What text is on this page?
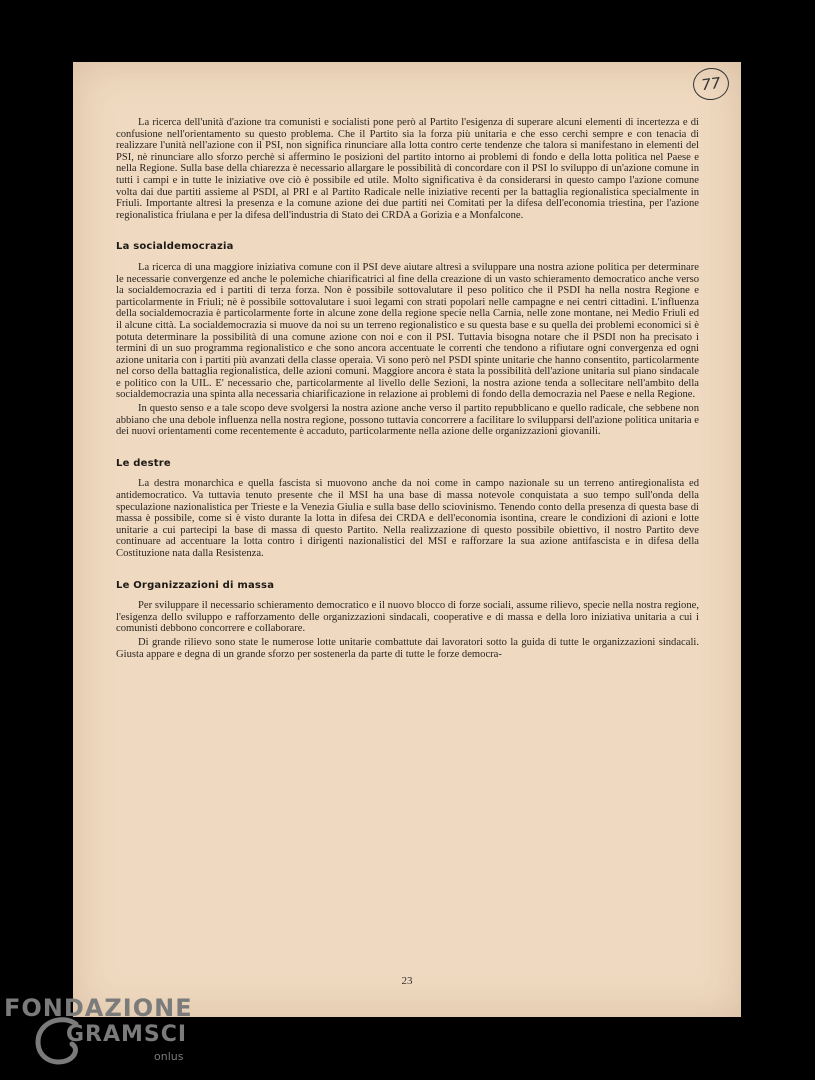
77

La ricerca dell'unità d'azione tra comunisti e socialisti pone però al Partito l'esigenza di superare alcuni elementi di incertezza e di confusione nell'orientamento su questo problema. Che il Partito sia la forza più unitaria e che esso cerchi sempre e con tenacia di realizzare l'unità nell'azione con il PSI, non significa rinunciare alla lotta contro certe tendenze che talora si manifestano in elementi del PSI, nè rinunciare allo sforzo perchè si affermino le posizioni del partito intorno ai problemi di fondo e della lotta politica nel Paese e nella Regione. Sulla base della chiarezza è necessario allargare le possibilità di concordare con il PSI lo sviluppo di un'azione comune in tutti i campi e in tutte le iniziative ove ciò è possibile ed utile. Molto significativa è da considerarsi in questo campo l'azione comune volta dai due partiti assieme al PSDI, al PRI e al Partito Radicale nelle iniziative recenti per la battaglia regionalistica specialmente in Friuli. Importante altresì la presenza e la comune azione dei due partiti nei Comitati per la difesa dell'economia triestina, per l'azione regionalistica friulana e per la difesa dell'industria di Stato dei CRDA a Gorizia e a Monfalcone.

La socialdemocrazia

La ricerca di una maggiore iniziativa comune con il PSI deve aiutare altresì a sviluppare una nostra azione politica per determinare le necessarie convergenze ed anche le polemiche chiarificatrici al fine della creazione di un vasto schieramento democratico anche verso la socialdemocrazia ed i partiti di terza forza. Non è possibile sottovalutare il peso politico che il PSDI ha nella nostra Regione e particolarmente in Friuli; nè è possibile sottovalutare i suoi legami con strati popolari nelle campagne e nei centri cittadini. L'influenza della socialdemocrazia è particolarmente forte in alcune zone della regione specie nella Carnia, nelle zone montane, nei Medio Friuli ed il alcune città. La socialdemocrazia si muove da noi su un terreno regionalistico e su questa base e su quella dei problemi economici si è potuta determinare la possibilità di una comune azione con noi e con il PSI. Tuttavia bisogna notare che il PSDI non ha precisato i termini di un suo programma regionalistico e che sono ancora accentuate le correnti che tendono a rifiutare ogni convergenza ed ogni azione unitaria con i partiti più avanzati della classe operaia. Vi sono però nel PSDI spinte unitarie che hanno consentito, particolarmente nel corso della battaglia regionalistica, delle azioni comuni. Maggiore ancora è stata la possibilità dell'azione unitaria sul piano sindacale e politico con la UIL. E' necessario che, particolarmente al livello delle Sezioni, la nostra azione tenda a sollecitare nell'ambito della socialdemocrazia una spinta alla necessaria chiarificazione in relazione ai problemi di fondo della democrazia nel Paese e nella Regione.

In questo senso e a tale scopo deve svolgersi la nostra azione anche verso il partito repubblicano e quello radicale, che sebbene non abbiano che una debole influenza nella nostra regione, possono tuttavia concorrere a facilitare lo svilupparsi dell'azione politica unitaria e dei nuovi orientamenti come recentemente è accaduto, particolarmente nella azione delle organizzazioni giovanili.

Le destre

La destra monarchica e quella fascista si muovono anche da noi come in campo nazionale su un terreno antiregionalista ed antidemocratico. Va tuttavia tenuto presente che il MSI ha una base di massa notevole conquistata a suo tempo sull'onda della speculazione nazionalistica per Trieste e la Venezia Giulia e sulla base dello sciovinismo. Tenendo conto della presenza di questa base di massa è possibile, come si è visto durante la lotta in difesa dei CRDA e dell'economia isontina, creare le condizioni di azioni e lotte unitarie a cui partecipi la base di massa di questo Partito. Nella realizzazione di questo possibile obiettivo, il nostro Partito deve continuare ad accentuare la lotta contro i dirigenti nazionalistici del MSI e rafforzare la sua azione antifascista e in difesa della Costituzione nata dalla Resistenza.

Le Organizzazioni di massa

Per sviluppare il necessario schieramento democratico e il nuovo blocco di forze sociali, assume rilievo, specie nella nostra regione, l'esigenza dello sviluppo e rafforzamento delle organizzazioni sindacali, cooperative e di massa e della loro iniziativa unitaria a cui i comunisti debbono concorrere e collaborare.

Di grande rilievo sono state le numerose lotte unitarie combattute dai lavoratori sotto la guida di tutte le organizzazioni sindacali. Giusta appare e degna di un grande sforzo per sostenerla da parte di tutte le forze democra-

23
FONDAZIONE
GRAMSCI
onlus
